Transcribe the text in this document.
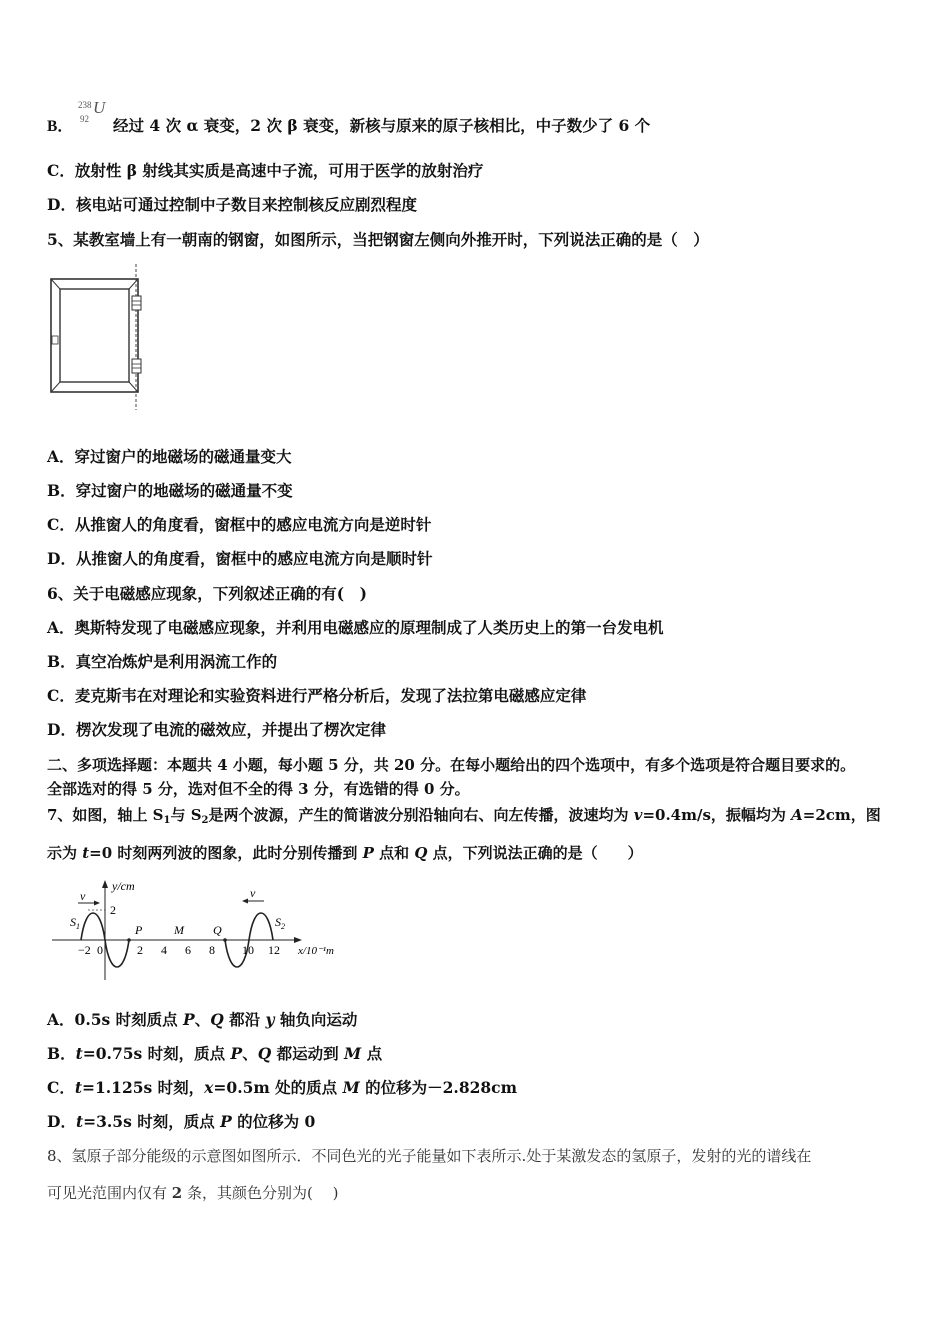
B．
238
92
U
经过 4 次 α 衰变，2 次 β 衰变，新核与原来的原子核相比，中子数少了 6 个
C．放射性 β 射线其实质是高速中子流，可用于医学的放射治疗
D．核电站可通过控制中子数目来控制核反应剧烈程度
5、某教室墙上有一朝南的钢窗，如图所示，当把钢窗左侧向外推开时，下列说法正确的是（　）
A．穿过窗户的地磁场的磁通量变大
B．穿过窗户的地磁场的磁通量不变
C．从推窗人的角度看，窗框中的感应电流方向是逆时针
D．从推窗人的角度看，窗框中的感应电流方向是顺时针
6、关于电磁感应现象，下列叙述正确的有(　)
A．奥斯特发现了电磁感应现象，并利用电磁感应的原理制成了人类历史上的第一台发电机
B．真空冶炼炉是利用涡流工作的
C．麦克斯韦在对理论和实验资料进行严格分析后，发现了法拉第电磁感应定律
D．楞次发现了电流的磁效应，并提出了楞次定律
二、多项选择题：本题共 4 小题，每小题 5 分，共 20 分。在每小题给出的四个选项中，有多个选项是符合题目要求的。
全部选对的得 5 分，选对但不全的得 3 分，有选错的得 0 分。
7、如图，轴上 $S_1$与 $S_2$是两个波源，产生的简谐波分别沿轴向右、向左传播，波速均为 v=0.4m/s，振幅均为 A=2cm，图
示为 t=0 时刻两列波的图象，此时分别传播到 P 点和 Q 点，下列说法正确的是（　　）
y/cm
x/10⁻¹m
2
−2 0	2 4 6 8 10 12
P	M Q
$S_1$	$S_2$
v	v
A．0.5s 时刻质点 P、Q 都沿 y 轴负向运动
B．t=0.75s 时刻，质点 P、Q 都运动到 M 点
C．t=1.125s 时刻，x=0.5m 处的质点 M 的位移为－2.828cm
D．t=3.5s 时刻，质点 P 的位移为 0
8、氢原子部分能级的示意图如图所示．不同色光的光子能量如下表所示.处于某激发态的氢原子，发射的光的谱线在
可见光范围内仅有 2 条，其颜色分别为(　 )
